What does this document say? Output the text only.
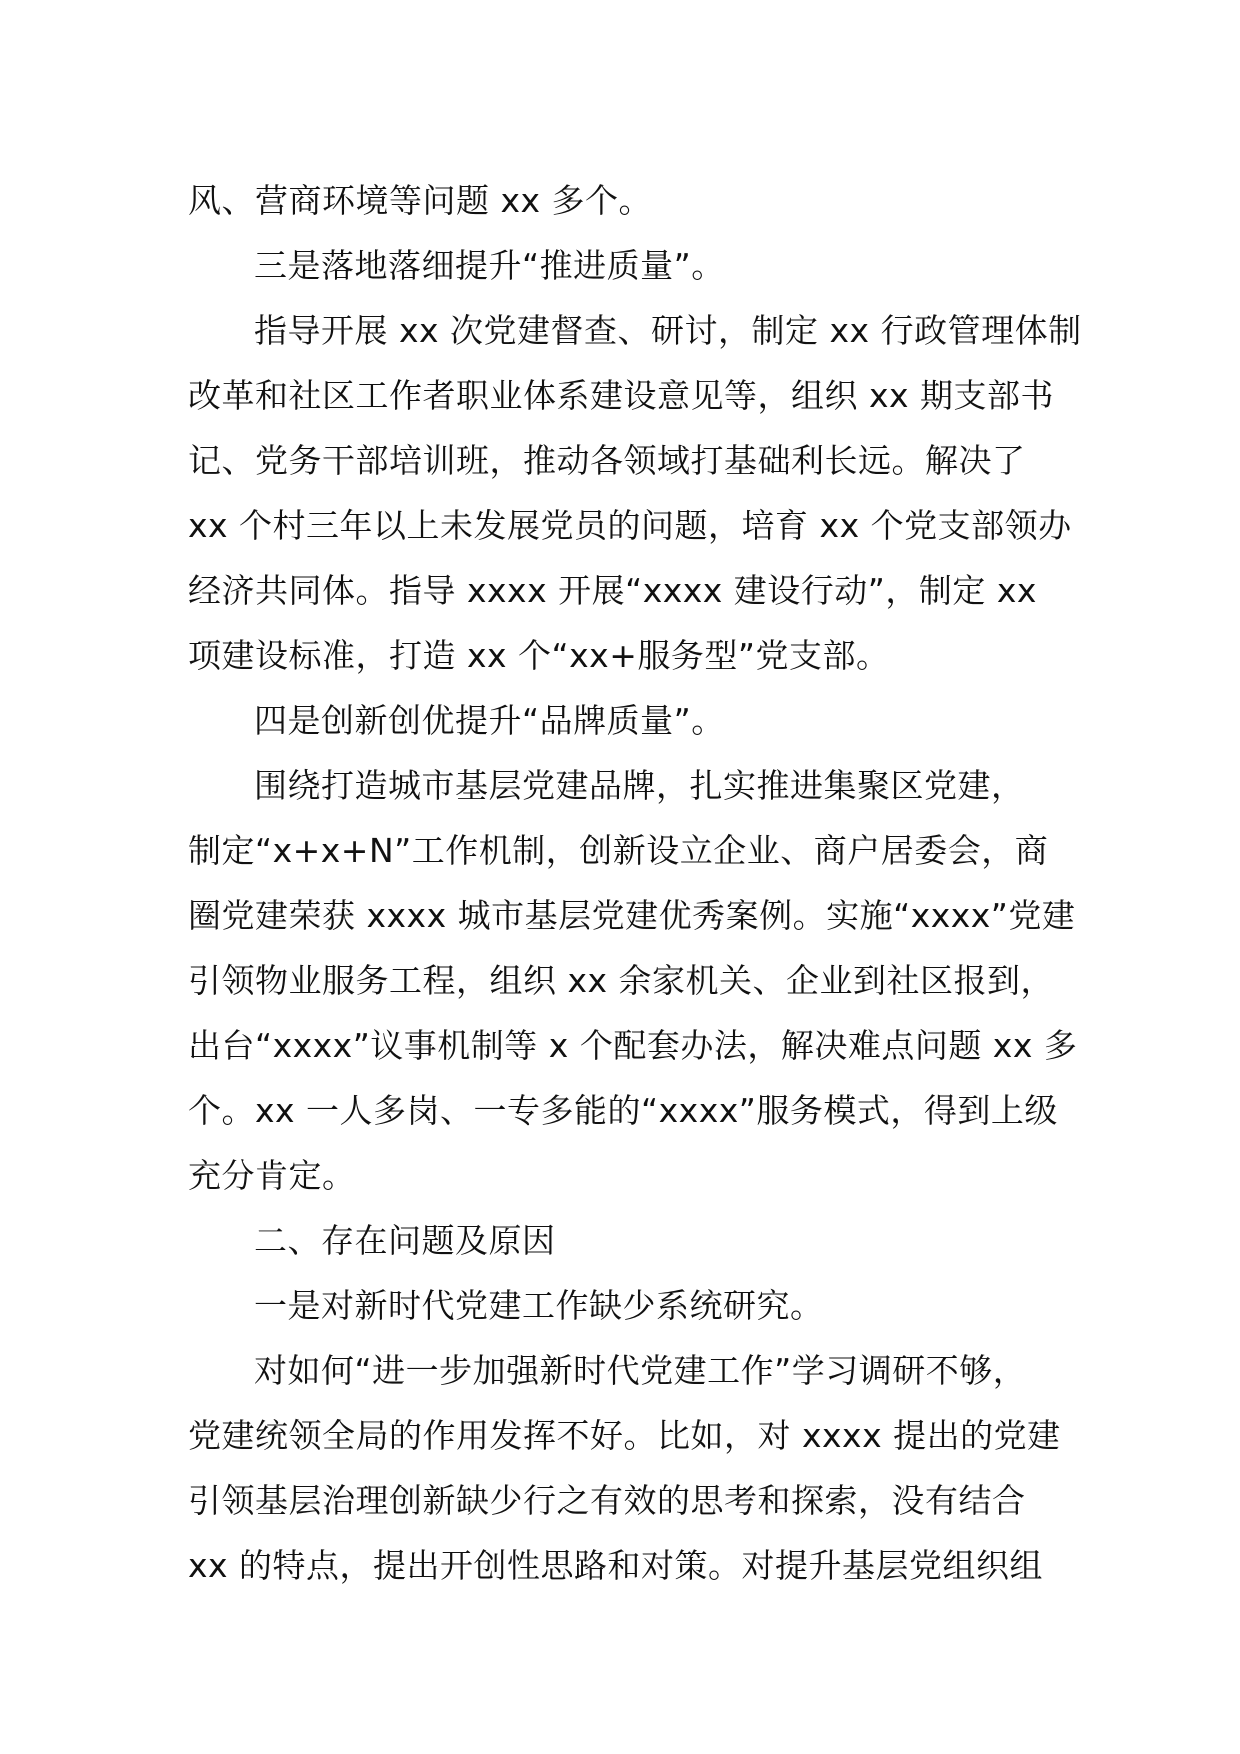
风、营商环境等问题 xx 多个。
三是落地落细提升“推进质量”。
指导开展 xx 次党建督查、研讨，制定 xx 行政管理体制
改革和社区工作者职业体系建设意见等，组织 xx 期支部书
记、党务干部培训班，推动各领域打基础利长远。解决了
xx 个村三年以上未发展党员的问题，培育 xx 个党支部领办
经济共同体。指导 xxxx 开展“xxxx 建设行动”，制定 xx
项建设标准，打造 xx 个“xx+服务型”党支部。
四是创新创优提升“品牌质量”。
围绕打造城市基层党建品牌，扎实推进集聚区党建，
制定“x+x+N”工作机制，创新设立企业、商户居委会，商
圈党建荣获 xxxx 城市基层党建优秀案例。实施“xxxx”党建
引领物业服务工程，组织 xx 余家机关、企业到社区报到，
出台“xxxx”议事机制等 x 个配套办法，解决难点问题 xx 多
个。xx 一人多岗、一专多能的“xxxx”服务模式，得到上级
充分肯定。
二、存在问题及原因
一是对新时代党建工作缺少系统研究。
对如何“进一步加强新时代党建工作”学习调研不够，
党建统领全局的作用发挥不好。比如，对 xxxx 提出的党建
引领基层治理创新缺少行之有效的思考和探索，没有结合
xx 的特点，提出开创性思路和对策。对提升基层党组织组
